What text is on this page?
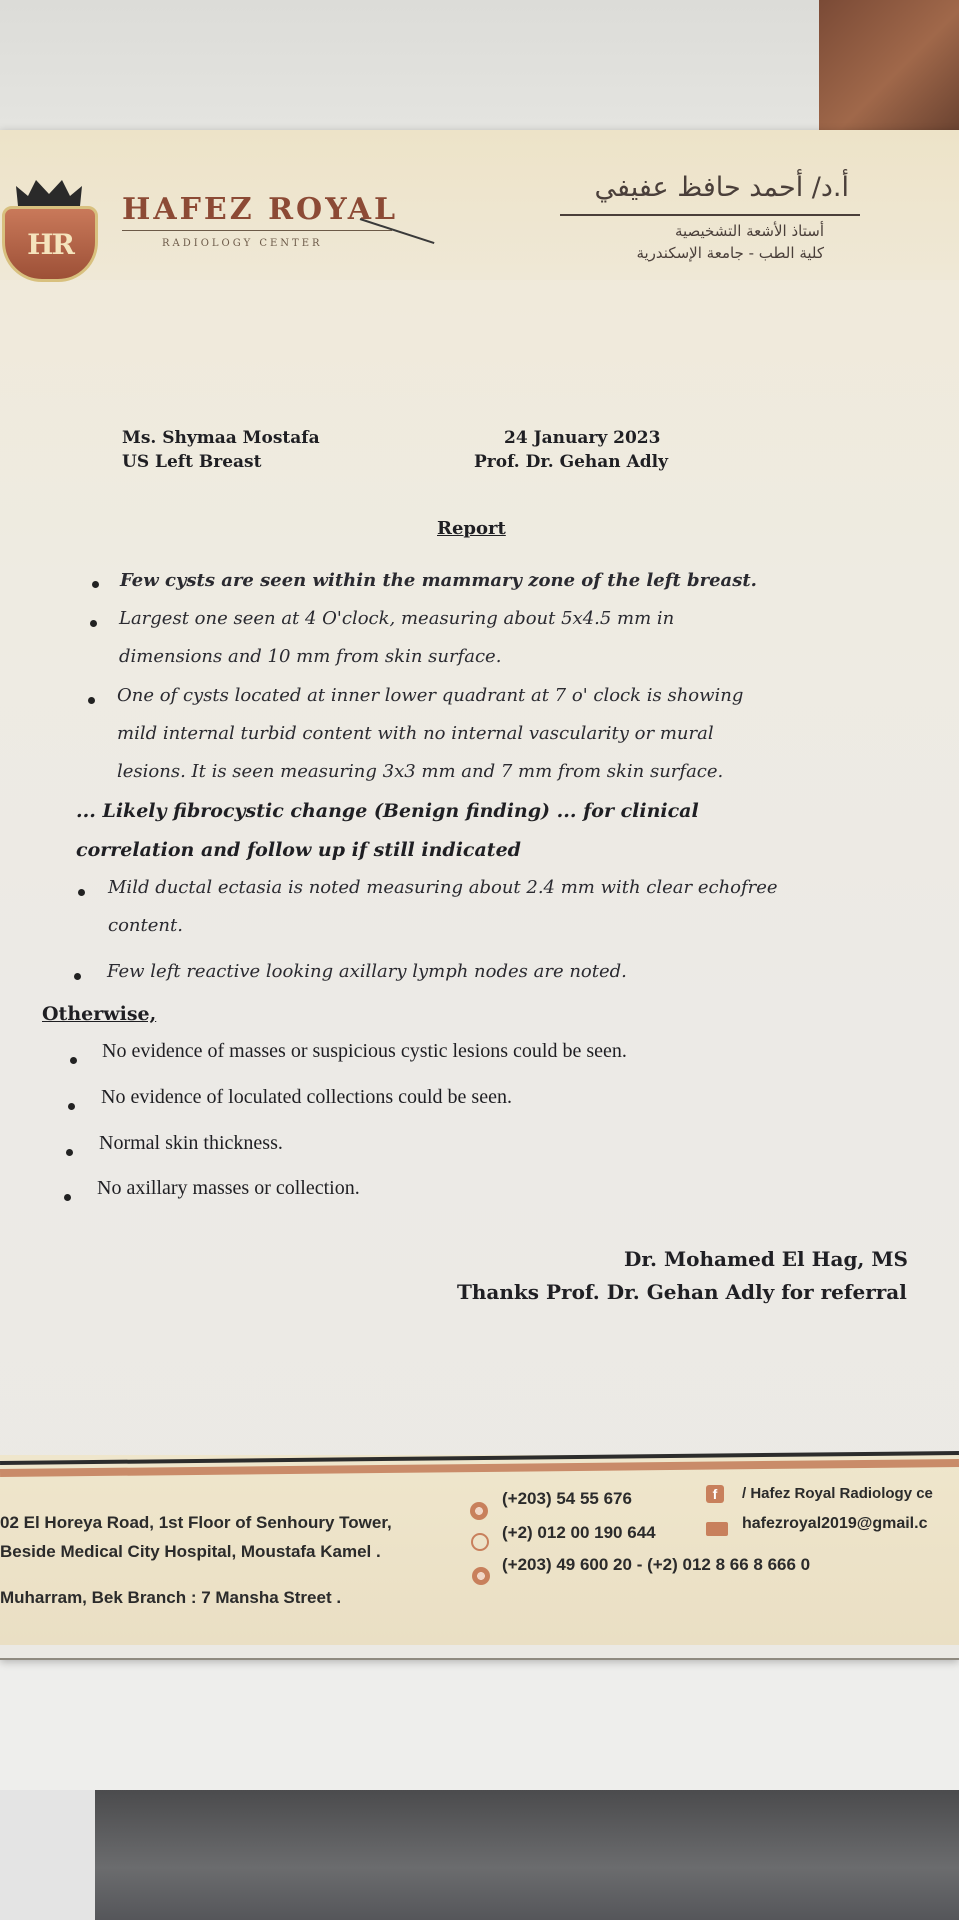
HR
HAFEZ ROYAL
RADIOLOGY CENTER
أ.د/ أحمد حافظ عفيفي
أستاذ الأشعة التشخيصية
كلية الطب - جامعة الإسكندرية
Ms. Shymaa Mostafa
US Left Breast
24 January 2023
Prof. Dr. Gehan Adly
Report
Few cysts are seen within the mammary zone of the left breast.
Largest one seen at 4 O'clock, measuring about 5x4.5 mm in
dimensions and 10 mm from skin surface.
One of cysts located at inner lower quadrant at 7 o' clock is showing
mild internal turbid content with no internal vascularity or mural
lesions. It is seen measuring 3x3 mm and 7 mm from skin surface.
... Likely fibrocystic change (Benign finding) ... for clinical
correlation and follow up if still indicated
Mild ductal ectasia is noted measuring about 2.4 mm with clear echofree
content.
Few left reactive looking axillary lymph nodes are noted.
Otherwise,
No evidence of masses or suspicious cystic lesions could be seen.
No evidence of loculated collections could be seen.
Normal skin thickness.
No axillary masses or collection.
Dr. Mohamed El Hag, MS
Thanks Prof. Dr. Gehan Adly for referral
02 El Horeya Road, 1st Floor of Senhoury Tower,
Beside Medical City Hospital, Moustafa Kamel .
Muharram, Bek Branch : 7 Mansha Street .
(+203) 54 55 676
(+2) 012 00 190 644
(+203) 49 600 20 - (+2) 012 8 66 8 666 0
f	/ Hafez Royal Radiology ce
hafezroyal2019@gmail.c
